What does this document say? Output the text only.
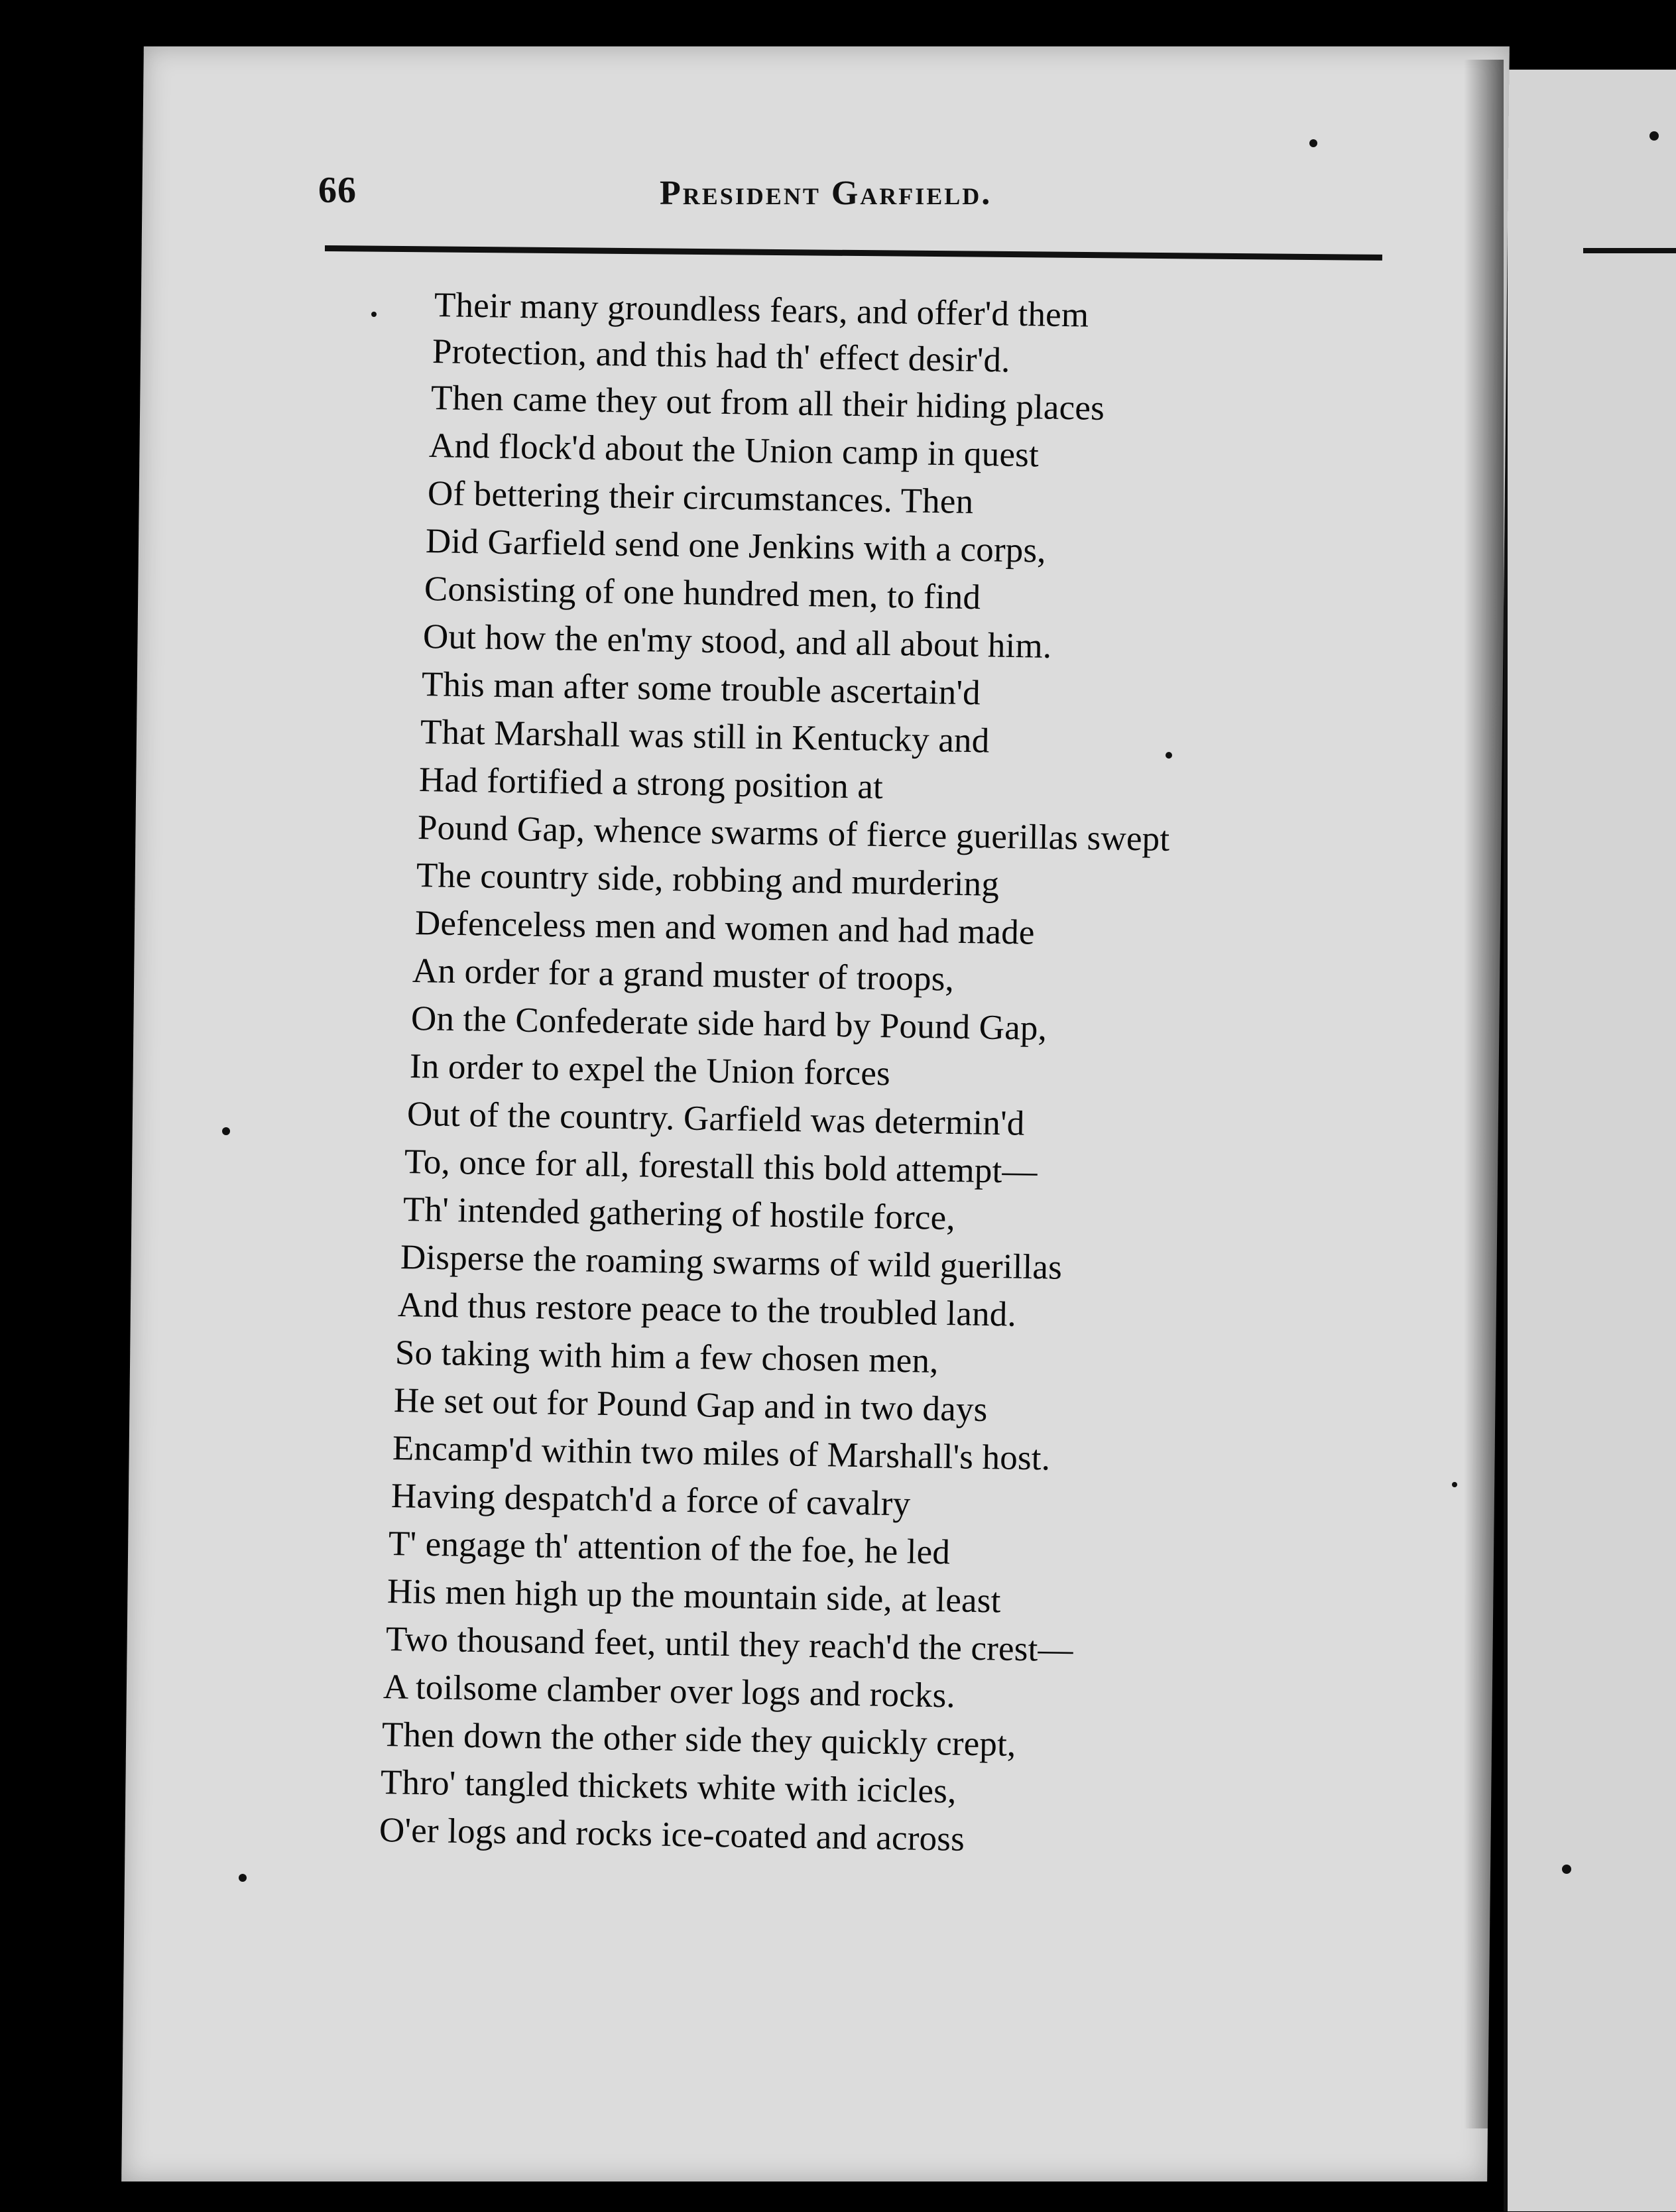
66	President Garfield.
Their many groundless fears, and offer'd them
Protection, and this had th' effect desir'd.
Then came they out from all their hiding places
And flock'd about the Union camp in quest
Of bettering their circumstances. Then
Did Garfield send one Jenkins with a corps,
Consisting of one hundred men, to find
Out how the en'my stood, and all about him.
This man after some trouble ascertain'd
That Marshall was still in Kentucky and
Had fortified a strong position at
Pound Gap, whence swarms of fierce guerillas swept
The country side, robbing and murdering
Defenceless men and women and had made
An order for a grand muster of troops,
On the Confederate side hard by Pound Gap,
In order to expel the Union forces
Out of the country. Garfield was determin'd
To, once for all, forestall this bold attempt—
Th' intended gathering of hostile force,
Disperse the roaming swarms of wild guerillas
And thus restore peace to the troubled land.
So taking with him a few chosen men,
He set out for Pound Gap and in two days
Encamp'd within two miles of Marshall's host.
Having despatch'd a force of cavalry
T' engage th' attention of the foe, he led
His men high up the mountain side, at least
Two thousand feet, until they reach'd the crest—
A toilsome clamber over logs and rocks.
Then down the other side they quickly crept,
Thro' tangled thickets white with icicles,
O'er logs and rocks ice-coated and across
